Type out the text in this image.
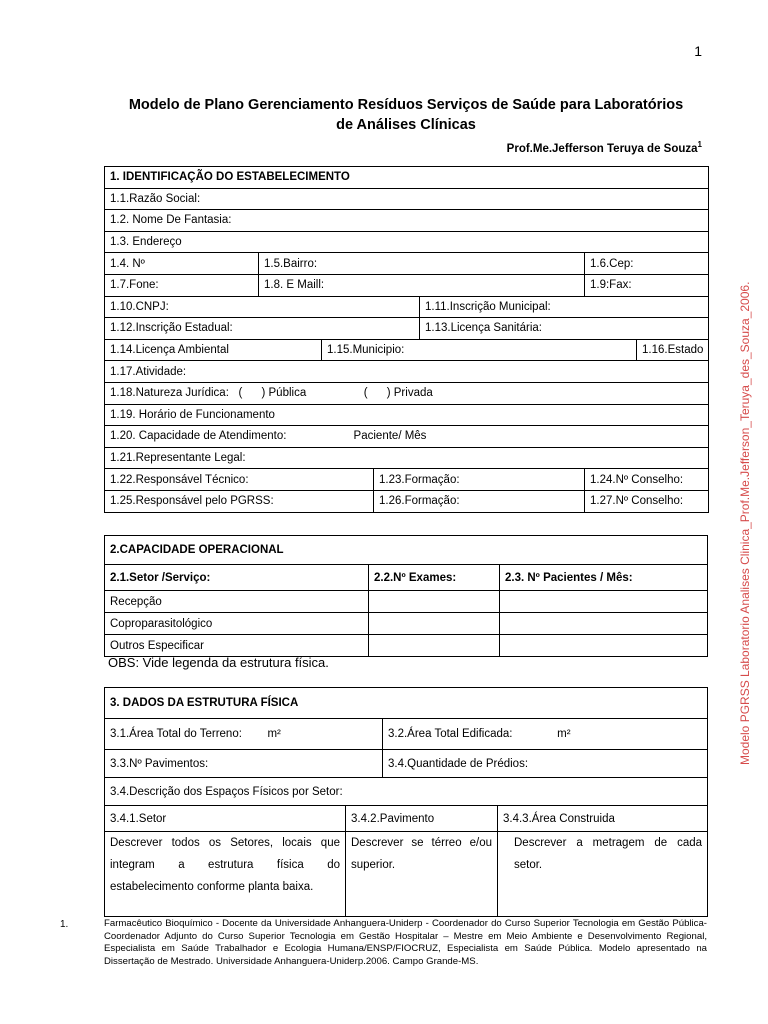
1
Modelo de Plano Gerenciamento Resíduos Serviços de Saúde para Laboratórios
de Análises Clínicas
Prof.Me.Jefferson Teruya de Souza$^1$
1. IDENTIFICAÇÃO DO ESTABELECIMENTO						
1.1.Razão Social:						
1.2. Nome De Fantasia:						
1.3. Endereço						
1.4. Nº	1.5.Bairro:				1.6.Cep:	
1.7.Fone:	1.8. E Maill:				1.9:Fax:	
1.10.CNPJ:				1.11.Inscrição Municipal:		
1.12.Inscrição Estadual:				1.13.Licença Sanitária:		
1.14.Licença Ambiental		1.15.Municipio:				1.16.Estado
1.17.Atividade:						
1.18.Natureza Jurídica:   (      ) Pública                  (      ) Privada						
1.19. Horário de Funcionamento						
1.20. Capacidade de Atendimento:                     Paciente/ Mês						
1.21.Representante Legal:						
1.22.Responsável Técnico:			1.23.Formação:		1.24.Nº Conselho:	
1.25.Responsável pelo PGRSS:			1.26.Formação:		1.27.Nº Conselho:	
2.CAPACIDADE OPERACIONAL		
2.1.Setor /Serviço:	2.2.Nº Exames:	2.3. Nº Pacientes / Mês:
Recepção		
Coproparasitológico		
Outros Especificar		
OBS: Vide legenda da estrutura física.
3. DADOS DA ESTRUTURA FÍSICA			
3.1.Área Total do Terreno:        m²		3.2.Área Total Edificada:              m²	
3.3.Nº Pavimentos:		3.4.Quantidade de Prédios:	
3.4.Descrição dos Espaços Físicos por Setor:			
3.4.1.Setor	3.4.2.Pavimento		3.4.3.Área Construida
Descrever todos os Setores, locais que integram a estrutura física do estabelecimento conforme planta baixa.	Descrever se térreo e/ou superior.		Descrever a metragem de cada setor.
1.	Farmacêutico Bioquímico - Docente da Universidade Anhanguera-Uniderp - Coordenador do Curso Superior Tecnologia em Gestão Pública- Coordenador Adjunto do Curso Superior Tecnologia em Gestão Hospitalar – Mestre em Meio Ambiente e Desenvolvimento Regional, Especialista em Saúde Trabalhador e Ecologia Humana/ENSP/FIOCRUZ, Especialista em Saúde Pública. Modelo apresentado na Dissertação de Mestrado. Universidade Anhanguera-Uniderp.2006. Campo Grande-MS.
Modelo PGRSS Laboratorio Analises Clinica_Prof.Me.Jefferson_Teruya_des_Souza_2006.
